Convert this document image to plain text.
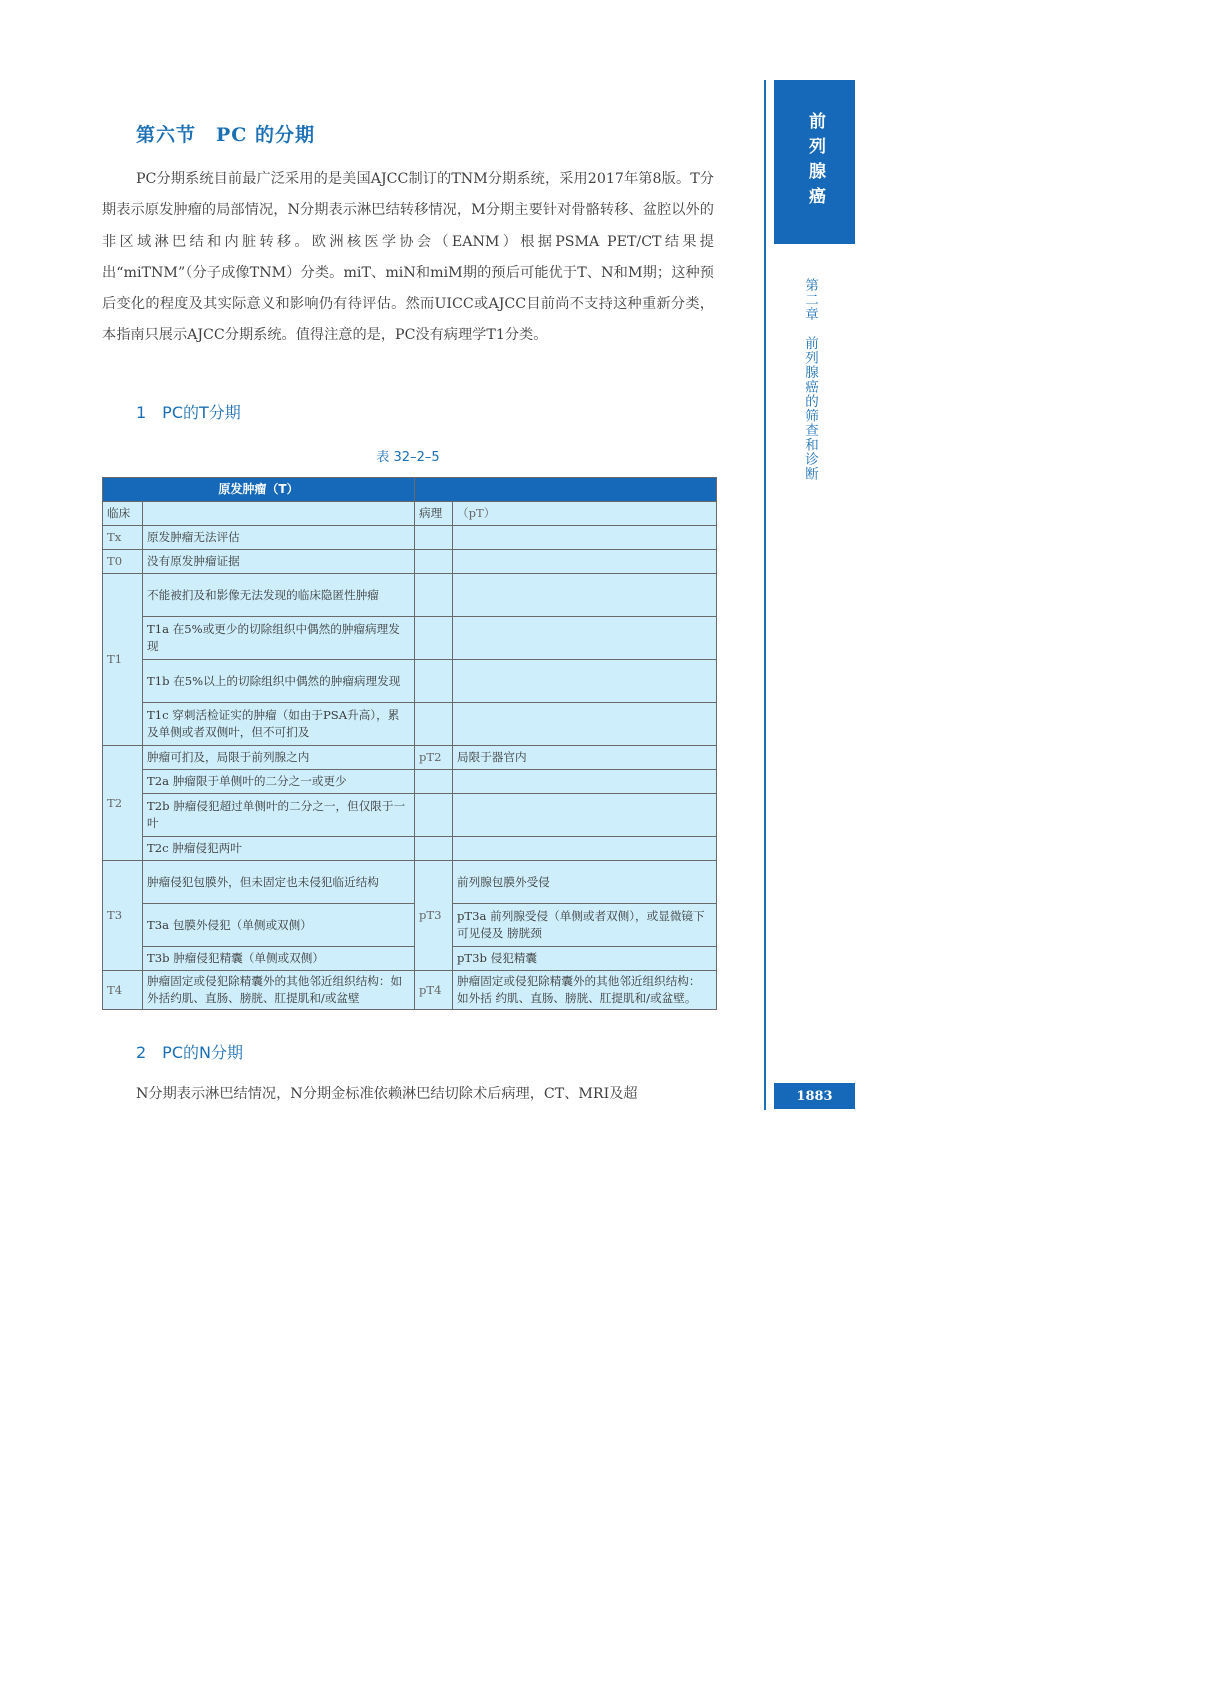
第六节　PC 的分期
PC分期系统目前最广泛采用的是美国AJCC制订的TNM分期系统，采用2017年第8版。T分期表示原发肿瘤的局部情况，N分期表示淋巴结转移情况，M分期主要针对骨骼转移、盆腔以外的非区域淋巴结和内脏转移。欧洲核医学协会（EANM）根据PSMA PET/CT结果提出“miTNM”（分子成像TNM）分类。miT、miN和miM期的预后可能优于T、N和M期；这种预后变化的程度及其实际意义和影响仍有待评估。然而UICC或AJCC目前尚不支持这种重新分类，本指南只展示AJCC分期系统。值得注意的是，PC没有病理学T1分类。
1　PC的T分期
表 32–2–5
原发肿瘤（T）			
临床		病理	（pT）
Tx	原发肿瘤无法评估		
T0	没有原发肿瘤证据		
T1	不能被扪及和影像无法发现的临床隐匿性肿瘤		
	T1a 在5%或更少的切除组织中偶然的肿瘤病理发现		
	T1b 在5%以上的切除组织中偶然的肿瘤病理发现		
	T1c 穿刺活检证实的肿瘤（如由于PSA升高），累及单侧或者双侧叶，但不可扪及		
T2	肿瘤可扪及，局限于前列腺之内	pT2	局限于器官内
	T2a 肿瘤限于单侧叶的二分之一或更少		
	T2b 肿瘤侵犯超过单侧叶的二分之一，但仅限于一叶		
	T2c 肿瘤侵犯两叶		
T3	肿瘤侵犯包膜外，但未固定也未侵犯临近结构	pT3	前列腺包膜外受侵
	T3a 包膜外侵犯（单侧或双侧）		pT3a 前列腺受侵（单侧或者双侧），或显微镜下可见侵及 膀胱颈
	T3b 肿瘤侵犯精囊（单侧或双侧）		pT3b 侵犯精囊
T4	肿瘤固定或侵犯除精囊外的其他邻近组织结构：如外括约肌、直肠、膀胱、肛提肌和/或盆壁	pT4	肿瘤固定或侵犯除精囊外的其他邻近组织结构：如外括 约肌、直肠、膀胱、肛提肌和/或盆壁。
2　PC的N分期
N分期表示淋巴结情况，N分期金标准依赖淋巴结切除术后病理，CT、MRI及超
前列腺癌
第二章　前列腺癌的筛查和诊断
1883
